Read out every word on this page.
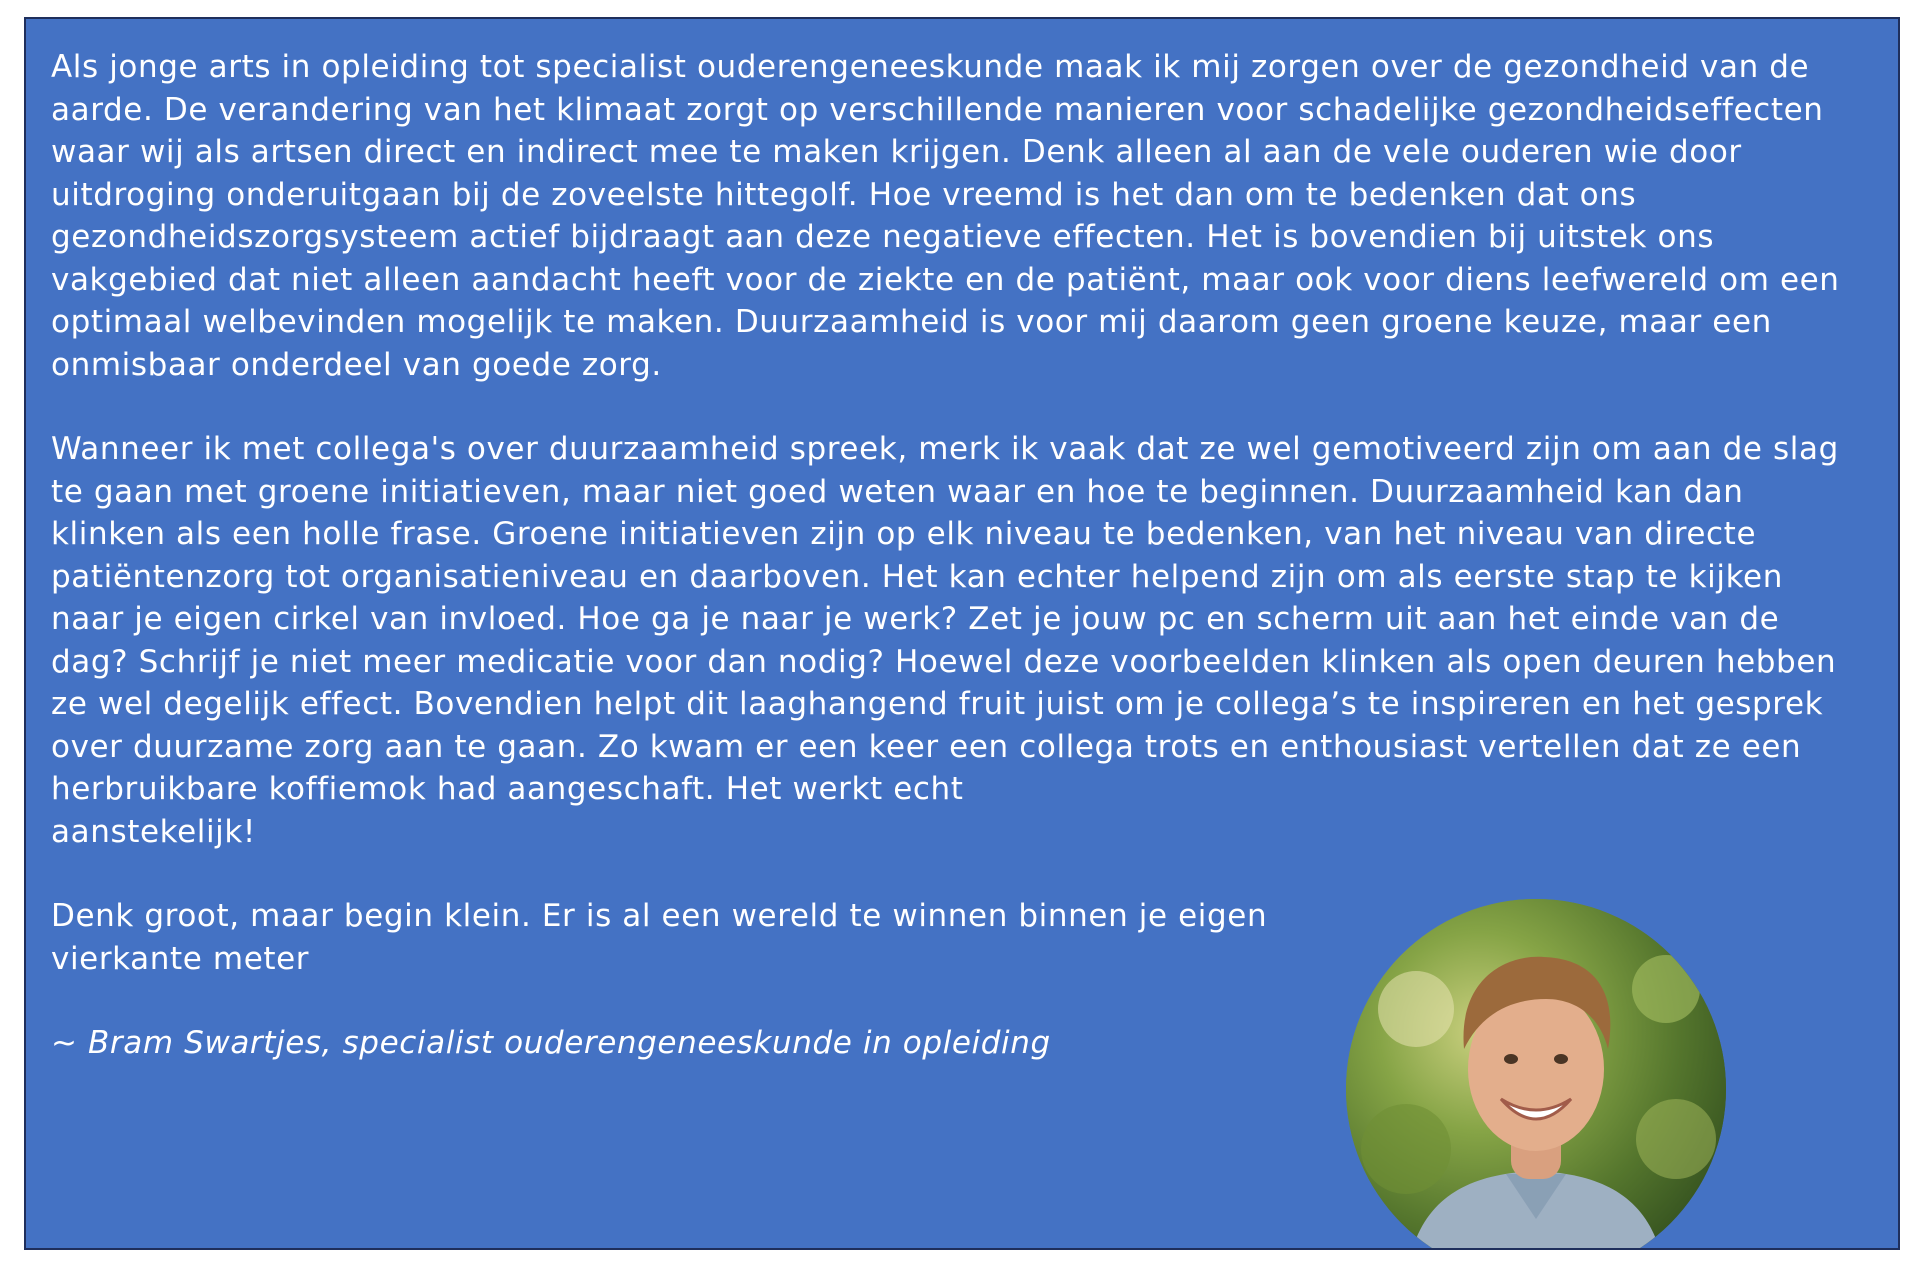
Als jonge arts in opleiding tot specialist ouderengeneeskunde maak ik mij zorgen over de gezondheid van de aarde. De verandering van het klimaat zorgt op verschillende manieren voor schadelijke gezondheidseffecten waar wij als artsen direct en indirect mee te maken krijgen. Denk alleen al aan de vele ouderen wie door uitdroging onderuitgaan bij de zoveelste hittegolf. Hoe vreemd is het dan om te bedenken dat ons gezondheidszorgsysteem actief bijdraagt aan deze negatieve effecten. Het is bovendien bij uitstek ons vakgebied dat niet alleen aandacht heeft voor de ziekte en de patiënt, maar ook voor diens leefwereld om een optimaal welbevinden mogelijk te maken. Duurzaamheid is voor mij daarom geen groene keuze, maar een onmisbaar onderdeel van goede zorg.

Wanneer ik met collega's over duurzaamheid spreek, merk ik vaak dat ze wel gemotiveerd zijn om aan de slag te gaan met groene initiatieven, maar niet goed weten waar en hoe te beginnen. Duurzaamheid kan dan klinken als een holle frase. Groene initiatieven zijn op elk niveau te bedenken, van het niveau van directe patiëntenzorg tot organisatieniveau en daarboven. Het kan echter helpend zijn om als eerste stap te kijken naar je eigen cirkel van invloed. Hoe ga je naar je werk? Zet je jouw pc en scherm uit aan het einde van de dag? Schrijf je niet meer medicatie voor dan nodig? Hoewel deze voorbeelden klinken als open deuren hebben ze wel degelijk effect. Bovendien helpt dit laaghangend fruit juist om je collega’s te inspireren en het gesprek over duurzame zorg aan te gaan. Zo kwam er een keer een collega trots en enthousiast vertellen dat ze een herbruikbare koffiemok had aangeschaft. Het werkt echt

aanstekelijk!

Denk groot, maar begin klein. Er is al een wereld te winnen binnen je eigen vierkante meter

~ Bram Swartjes, specialist ouderengeneeskunde in opleiding
